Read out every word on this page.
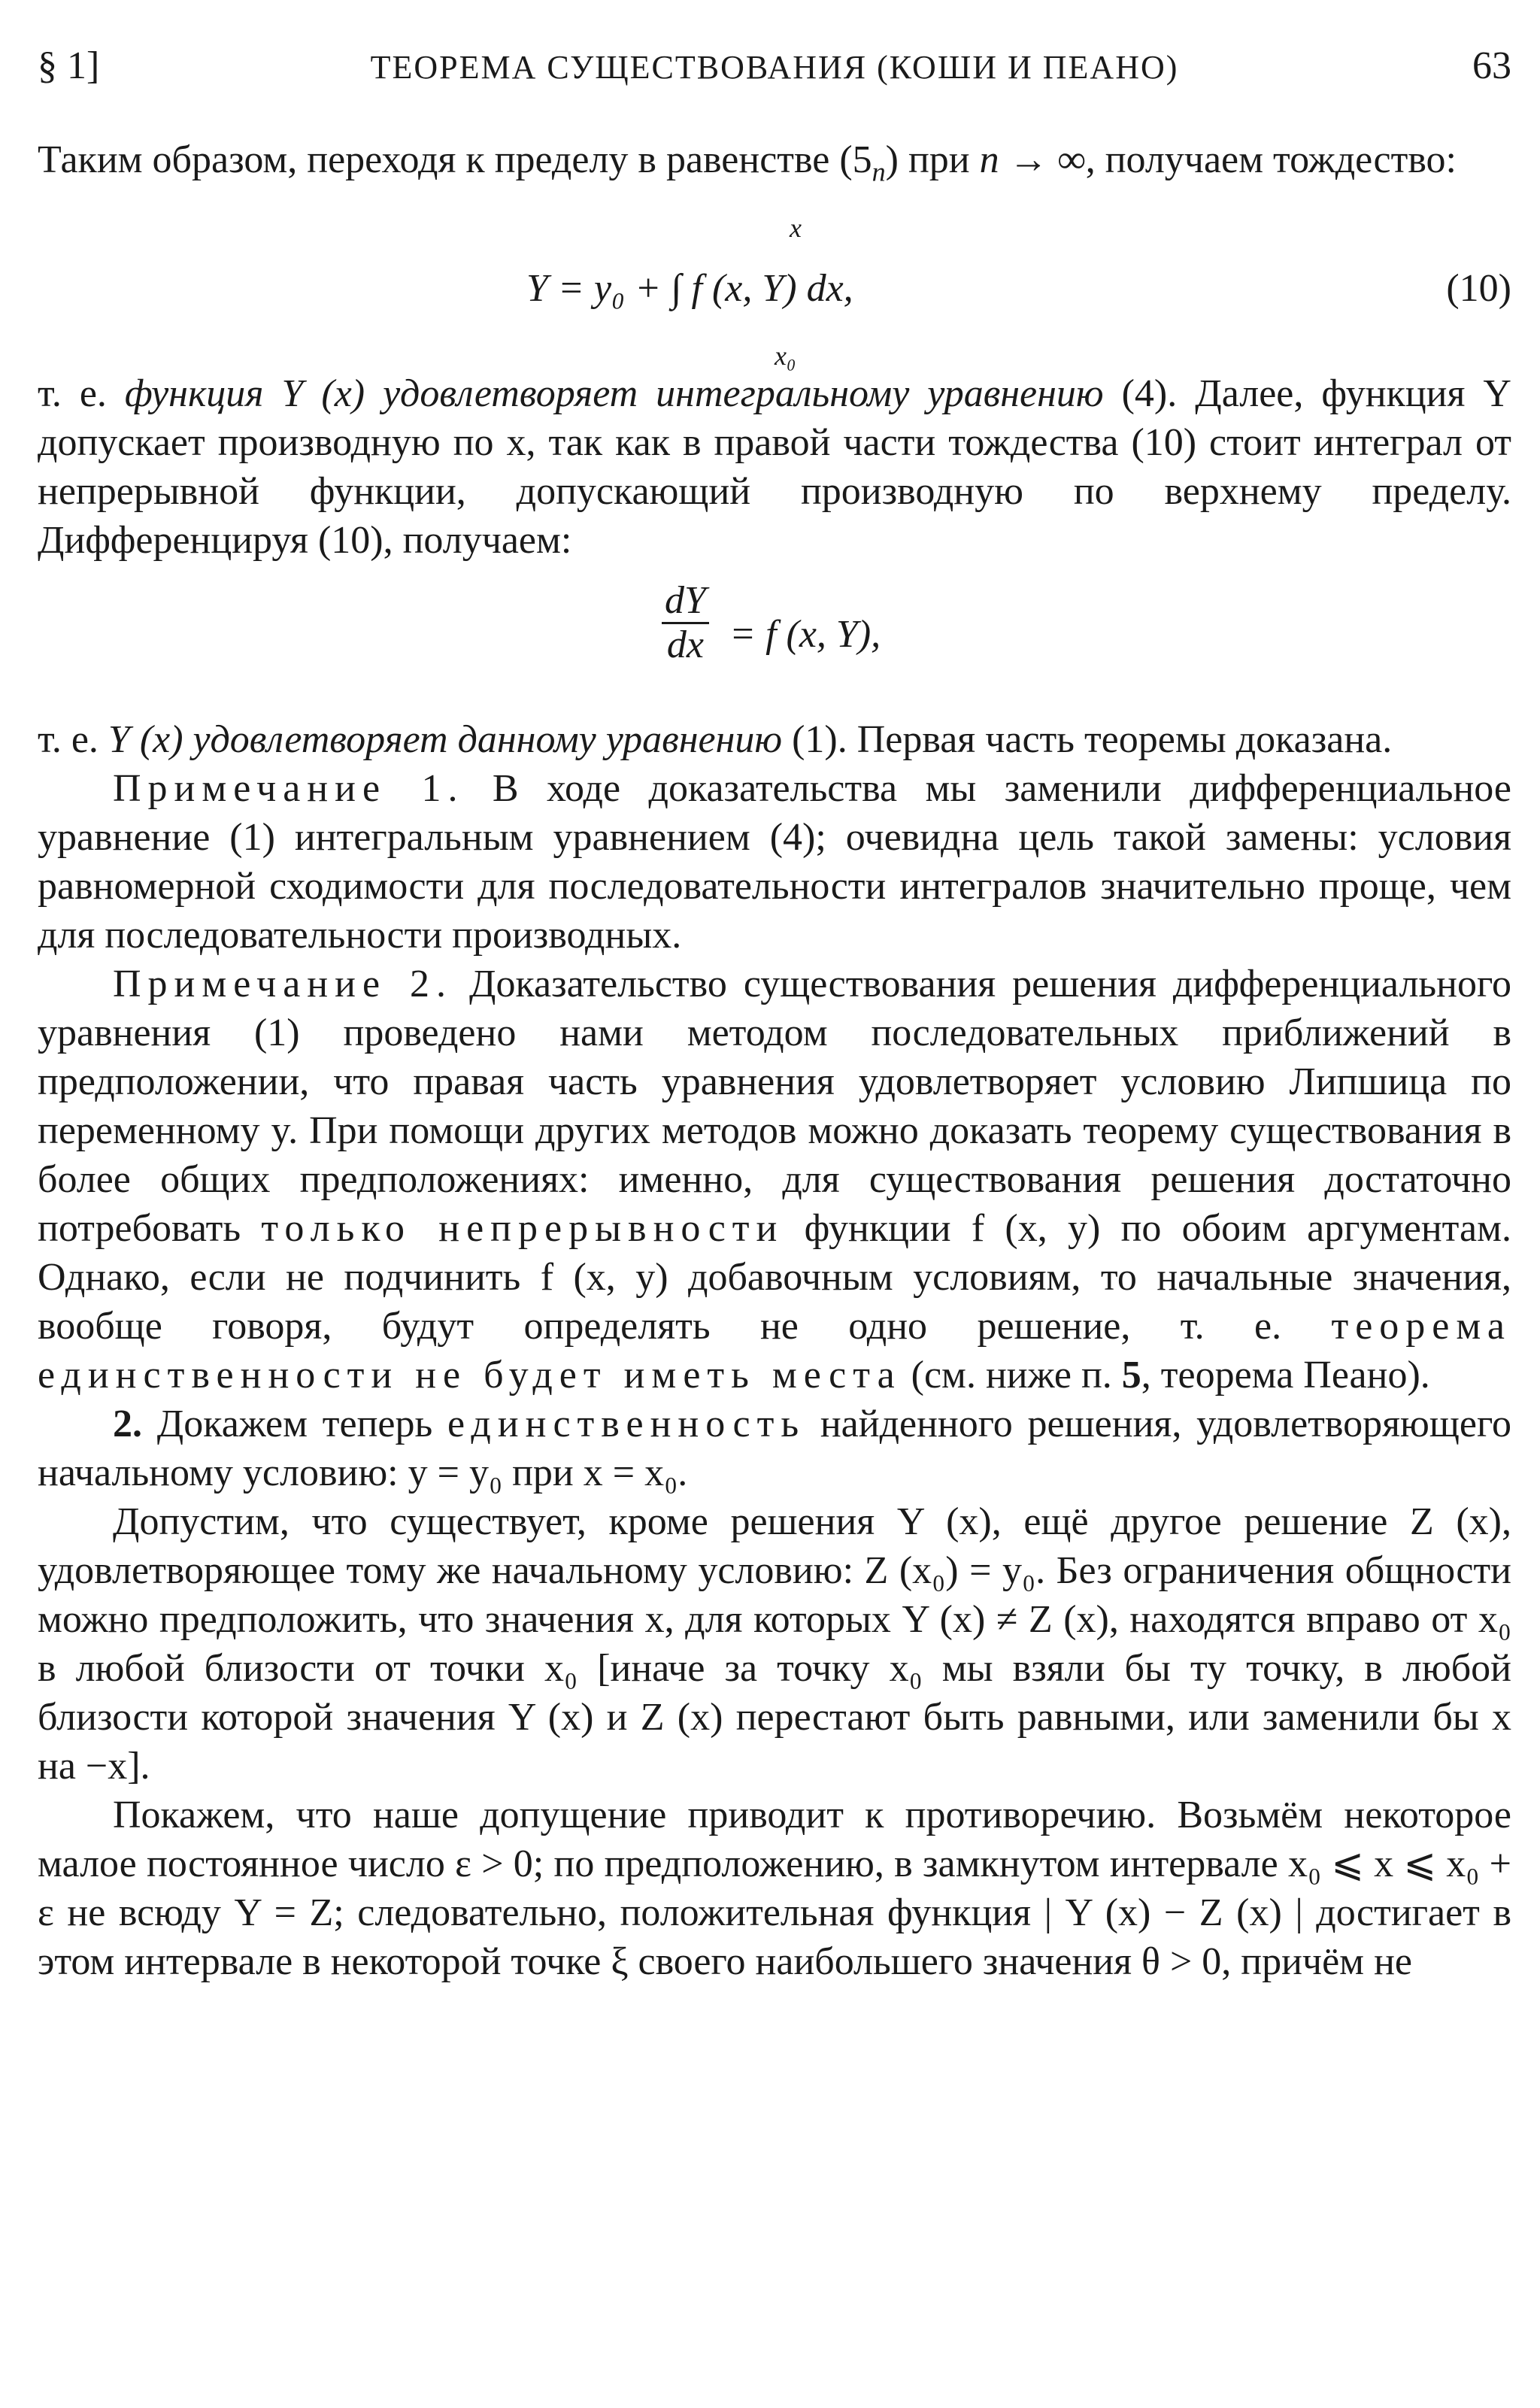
§ 1]	ТЕОРЕМА СУЩЕСТВОВАНИЯ (КОШИ И ПЕАНО)	63

Таким образом, переходя к пределу в равенстве $(5_n)$ при n → ∞, получаем тождество:

x
Y = y₀ + ∫ f (x, Y) dx,
x₀
(10)

т. е. функция Y (x) удовлетворяет интегральному уравнению (4). Далее, функция Y допускает производную по x, так как в правой части тождества (10) стоит интеграл от непрерывной функции, допускающий производную по верхнему пределу. Дифференцируя (10), получаем:

$\frac{dY}{dx} = f$ (x, Y),

т. е. Y (x) удовлетворяет данному уравнению (1). Первая часть теоремы доказана.

Примечание 1. В ходе доказательства мы заменили дифференциальное уравнение (1) интегральным уравнением (4); очевидна цель такой замены: условия равномерной сходимости для последовательности интегралов значительно проще, чем для последовательности производных.

Примечание 2. Доказательство существования решения дифференциального уравнения (1) проведено нами методом последовательных приближений в предположении, что правая часть уравнения удовлетворяет условию Липшица по переменному y. При помощи других методов можно доказать теорему существования в более общих предположениях: именно, для существования решения достаточно потребовать только непрерывности функции f (x, y) по обоим аргументам. Однако, если не подчинить f (x, y) добавочным условиям, то начальные значения, вообще говоря, будут определять не одно решение, т. е. теорема единственности не будет иметь места (см. ниже п. 5, теорема Пеано).

2. Докажем теперь единственность найденного решения, удовлетворяющего начальному условию: y = y₀ при x = x₀.

Допустим, что существует, кроме решения Y (x), ещё другое решение Z (x), удовлетворяющее тому же начальному условию: Z (x₀) = y₀. Без ограничения общности можно предположить, что значения x, для которых Y (x) ≠ Z (x), находятся вправо от x₀ в любой близости от точки x₀ [иначе за точку x₀ мы взяли бы ту точку, в любой близости которой значения Y (x) и Z (x) перестают быть равными, или заменили бы x на −x].

Покажем, что наше допущение приводит к противоречию. Возьмём некоторое малое постоянное число ε > 0; по предположению, в замкнутом интервале x₀ ⩽ x ⩽ x₀ + ε не всюду Y = Z; следовательно, положительная функция | Y (x) − Z (x) | достигает в этом интервале в некоторой точке ξ своего наибольшего значения θ > 0, причём не
